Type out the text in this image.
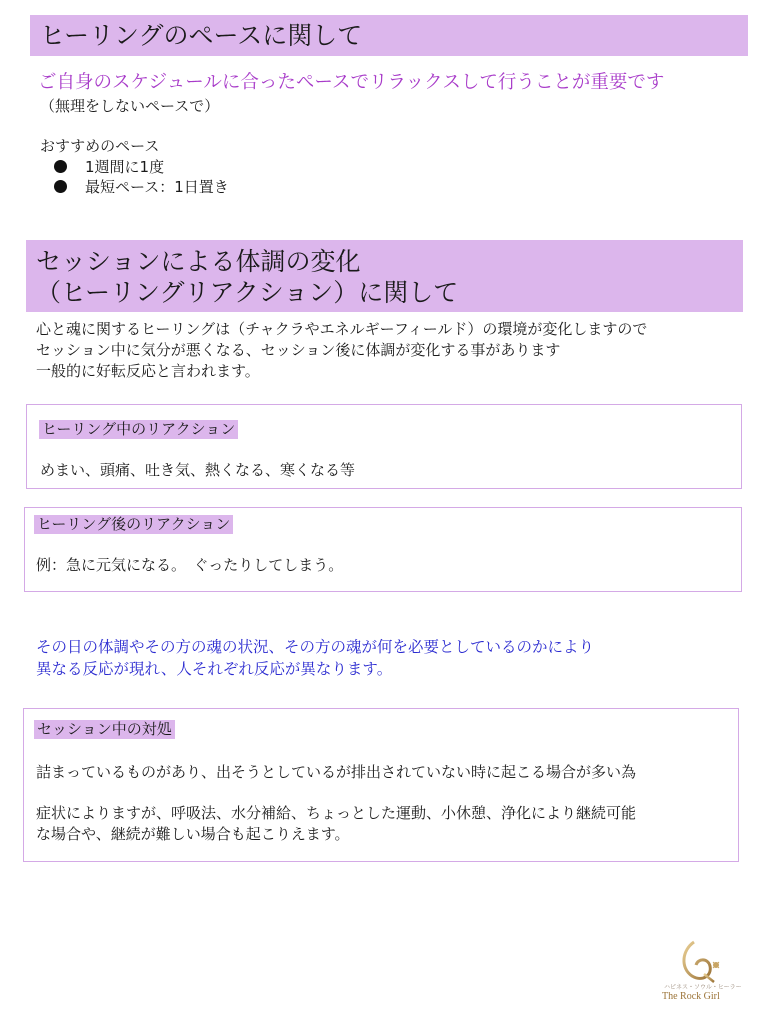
ヒーリングのペースに関して
ご自身のスケジュールに合ったペースでリラックスして行うことが重要です
（無理をしないペースで）
おすすめのペース
1週間に1度
最短ペース：1日置き
セッションによる体調の変化
（ヒーリングリアクション）に関して
心と魂に関するヒーリングは（チャクラやエネルギーフィールド）の環境が変化しますので
セッション中に気分が悪くなる、セッション後に体調が変化する事があります
一般的に好転反応と言われます。
ヒーリング中のリアクション
めまい、頭痛、吐き気、熱くなる、寒くなる等
ヒーリング後のリアクション
例：急に元気になる。　ぐったりしてしまう。
その日の体調やその方の魂の状況、その方の魂が何を必要としているのかにより
異なる反応が現れ、人それぞれ反応が異なります。
セッション中の対処
詰まっているものがあり、出そうとしているが排出されていない時に起こる場合が多い為
症状によりますが、呼吸法、水分補給、ちょっとした運動、小休憩、浄化により継続可能
な場合や、継続が難しい場合も起こりえます。
ハピネス・ソウル・ヒーラー
The Rock Girl
